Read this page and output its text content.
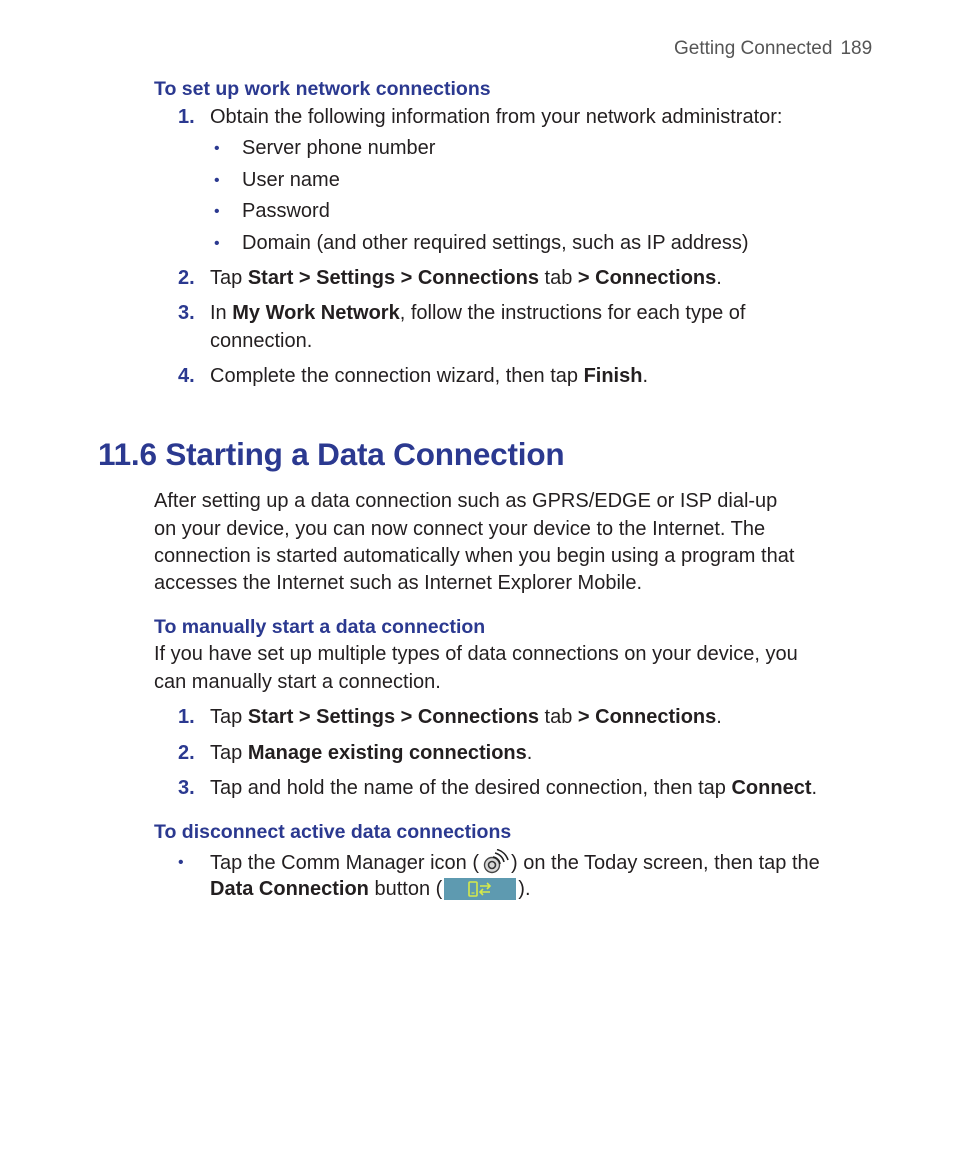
Getting Connected 189
To set up work network connections
1. Obtain the following information from your network administrator:
• Server phone number
• User name
• Password
• Domain (and other required settings, such as IP address)
2. Tap Start > Settings > Connections tab > Connections.
3. In My Work Network, follow the instructions for each type of
connection.
4. Complete the connection wizard, then tap Finish.
11.6 Starting a Data Connection
After setting up a data connection such as GPRS/EDGE or ISP dial-up
on your device, you can now connect your device to the Internet. The
connection is started automatically when you begin using a program that
accesses the Internet such as Internet Explorer Mobile.
To manually start a data connection
If you have set up multiple types of data connections on your device, you
can manually start a connection.
1. Tap Start > Settings > Connections tab > Connections.
2. Tap Manage existing connections.
3. Tap and hold the name of the desired connection, then tap Connect.
To disconnect active data connections
• Tap the Comm Manager icon ( ) on the Today screen, then tap the
Data Connection button (	).
